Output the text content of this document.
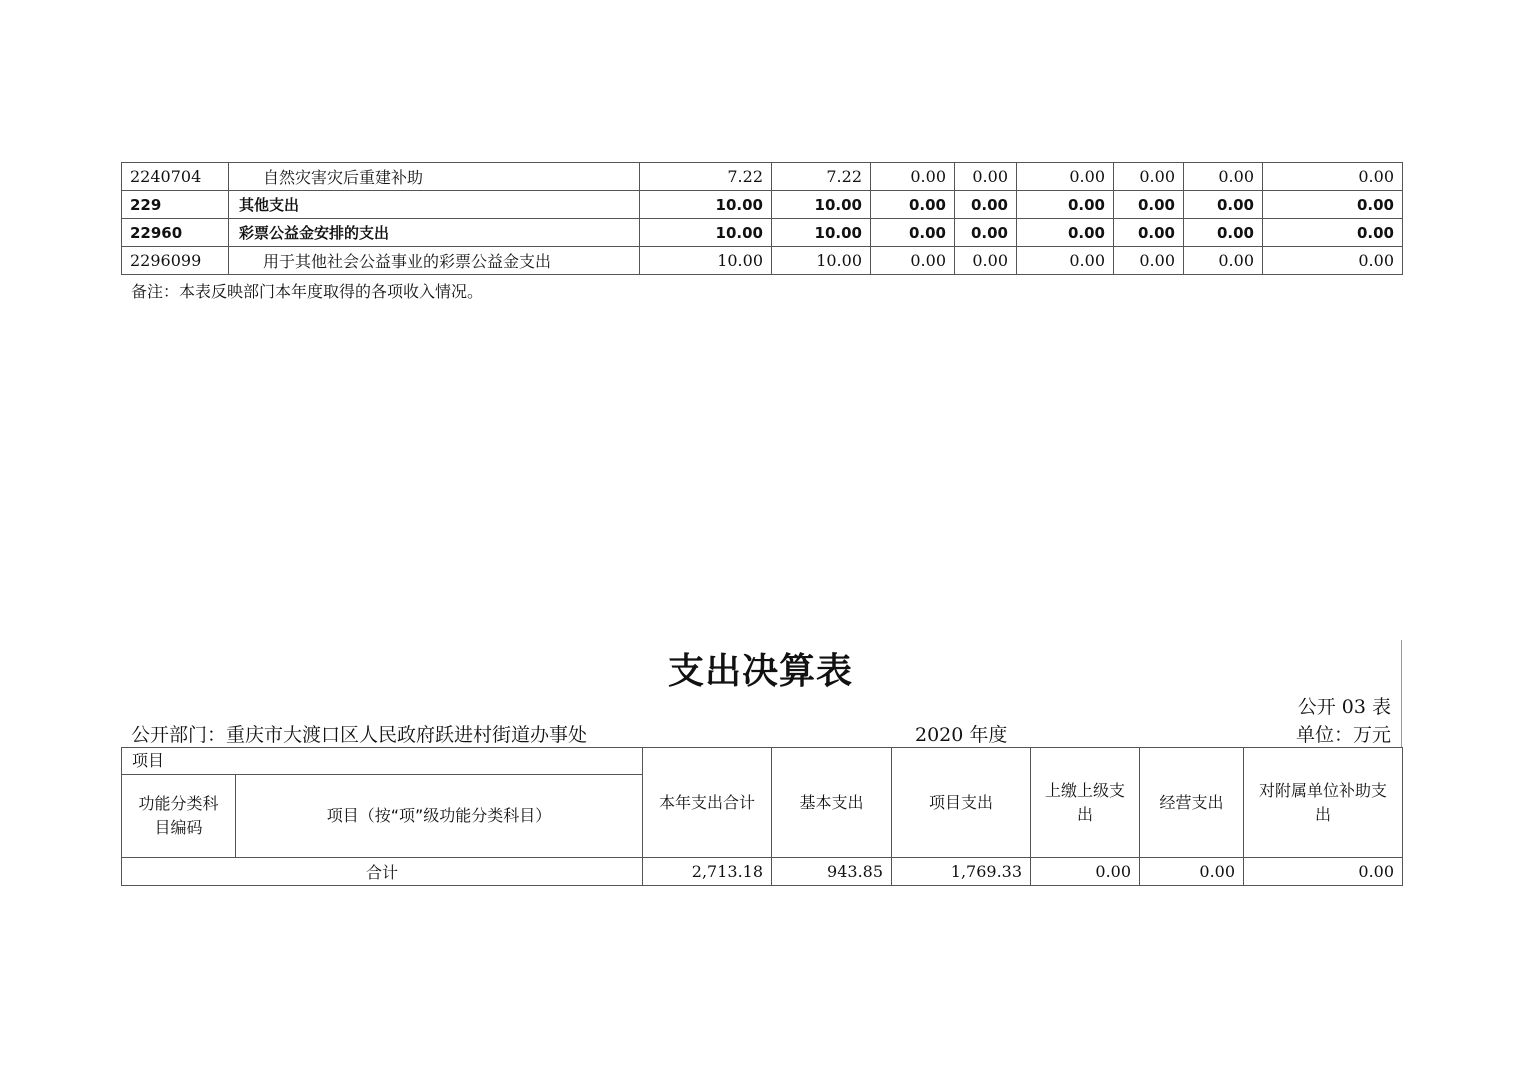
2240704	自然灾害灾后重建补助	7.22	7.22	0.00	0.00	0.00	0.00	0.00	0.00
229	其他支出	10.00	10.00	0.00	0.00	0.00	0.00	0.00	0.00
22960	彩票公益金安排的支出	10.00	10.00	0.00	0.00	0.00	0.00	0.00	0.00
2296099	用于其他社会公益事业的彩票公益金支出	10.00	10.00	0.00	0.00	0.00	0.00	0.00	0.00
备注：本表反映部门本年度取得的各项收入情况。
支出决算表
公开 03 表
公开部门：重庆市大渡口区人民政府跃进村街道办事处	2020 年度	单位：万元
项目		本年支出合计	基本支出	项目支出	上缴上级支出	经营支出	对附属单位补助支出
功能分类科目编码	项目（按“项”级功能分类科目）						
合计		2,713.18	943.85	1,769.33	0.00	0.00	0.00
